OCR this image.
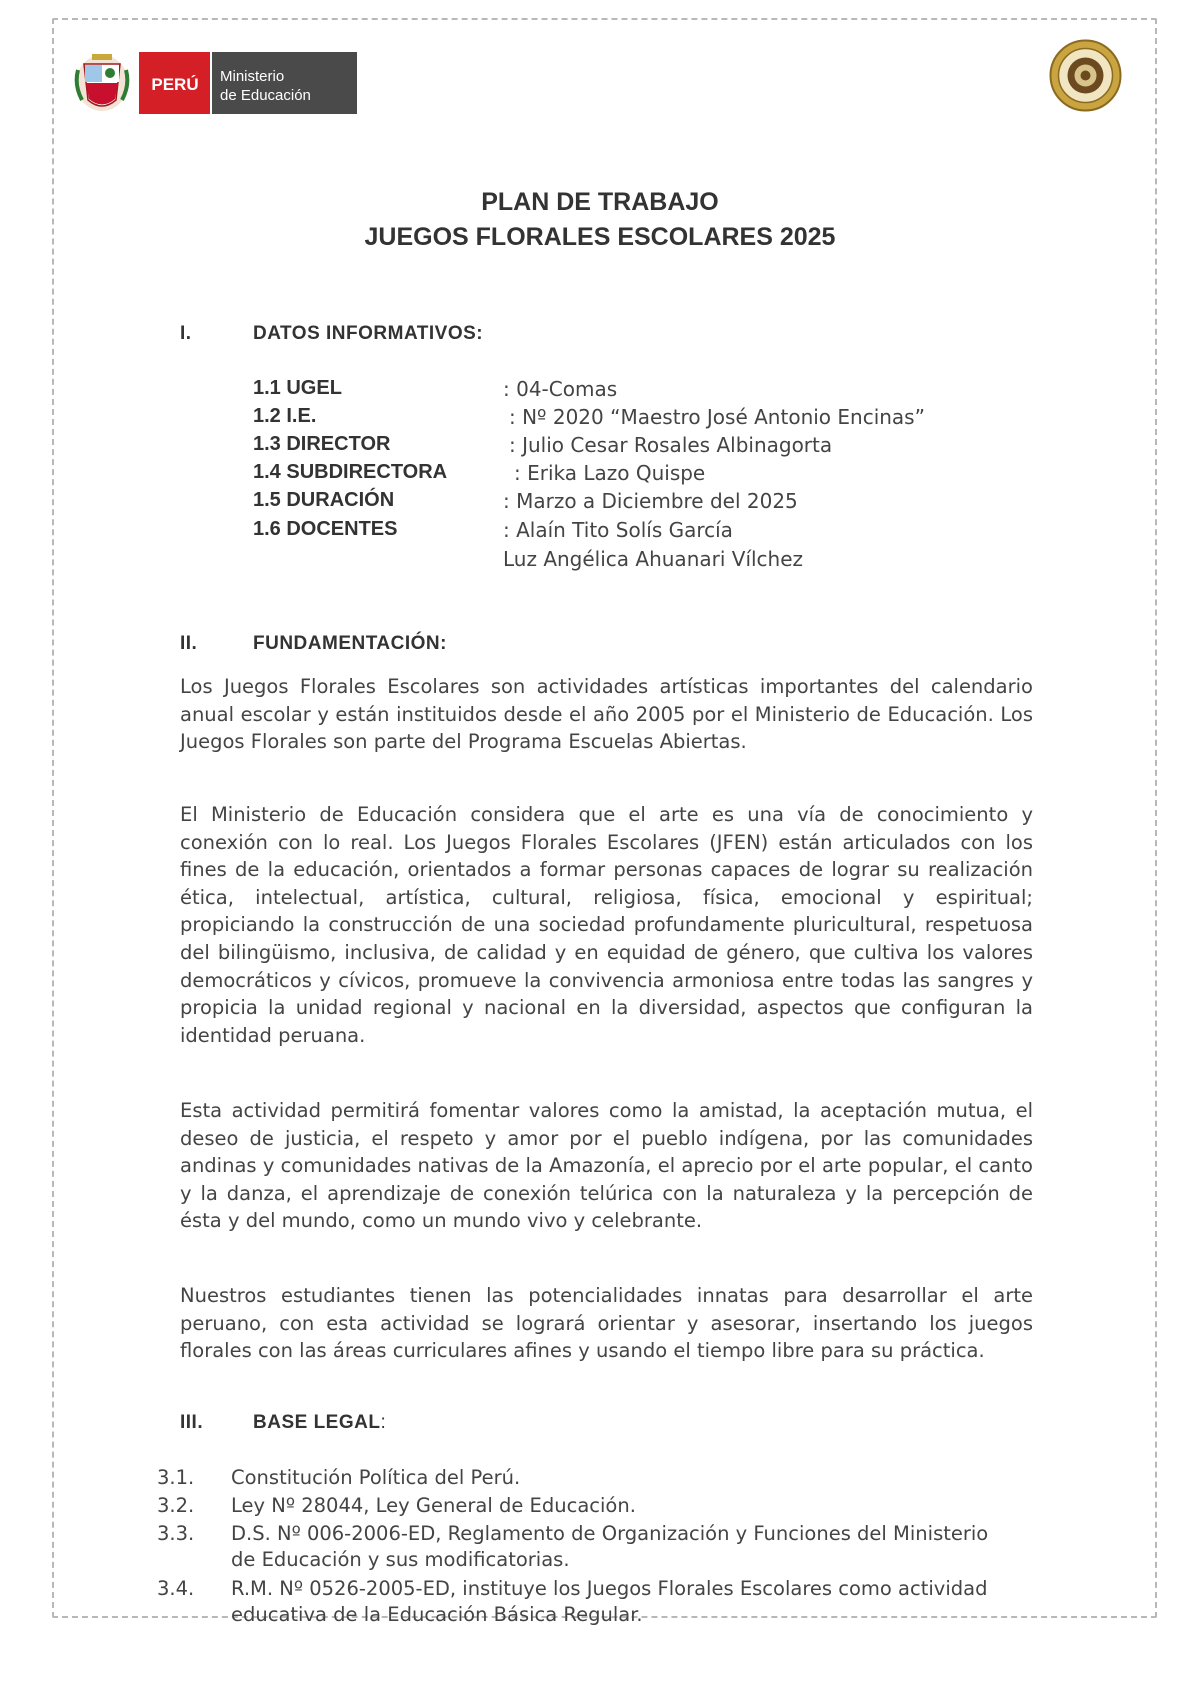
PERÚ Ministerio
de Educación
PLAN DE TRABAJO
JUEGOS FLORALES ESCOLARES 2025
I.	DATOS INFORMATIVOS:
1.1 UGEL	: 04-Comas
1.2 I.E.	: Nº 2020 “Maestro José Antonio Encinas”
1.3 DIRECTOR	: Julio Cesar Rosales Albinagorta
1.4 SUBDIRECTORA	: Erika Lazo Quispe
1.5 DURACIÓN	: Marzo a Diciembre del 2025
1.6 DOCENTES	: Alaín Tito Solís García
Luz Angélica Ahuanari Vílchez
II.	FUNDAMENTACIÓN:

Los Juegos Florales Escolares son actividades artísticas importantes del calendario anual escolar y están instituidos desde el año 2005 por el Ministerio de Educación. Los Juegos Florales son parte del Programa Escuelas Abiertas.

El Ministerio de Educación considera que el arte es una vía de conocimiento y conexión con lo real. Los Juegos Florales Escolares (JFEN) están articulados con los fines de la educación, orientados a formar personas capaces de lograr su realización ética, intelectual, artística, cultural, religiosa, física, emocional y espiritual; propiciando la construcción de una sociedad profundamente pluricultural, respetuosa del bilingüismo, inclusiva, de calidad y en equidad de género, que cultiva los valores democráticos y cívicos, promueve la convivencia armoniosa entre todas las sangres y propicia la unidad regional y nacional en la diversidad, aspectos que configuran la identidad peruana.

Esta actividad permitirá fomentar valores como la amistad, la aceptación mutua, el deseo de justicia, el respeto y amor por el pueblo indígena, por las comunidades andinas y comunidades nativas de la Amazonía, el aprecio por el arte popular, el canto y la danza, el aprendizaje de conexión telúrica con la naturaleza y la percepción de ésta y del mundo, como un mundo vivo y celebrante.

Nuestros estudiantes tienen las potencialidades innatas para desarrollar el arte peruano, con esta actividad se logrará orientar y asesorar, insertando los juegos florales con las áreas curriculares afines y usando el tiempo libre para su práctica.

III.	BASE LEGAL:
3.1. Constitución Política del Perú.
3.2. Ley Nº 28044, Ley General de Educación.
3.3. D.S. Nº 006-2006-ED, Reglamento de Organización y Funciones del Ministerio de Educación y sus modificatorias.
3.4. R.M. Nº 0526-2005-ED, instituye los Juegos Florales Escolares como actividad educativa de la Educación Básica Regular.
